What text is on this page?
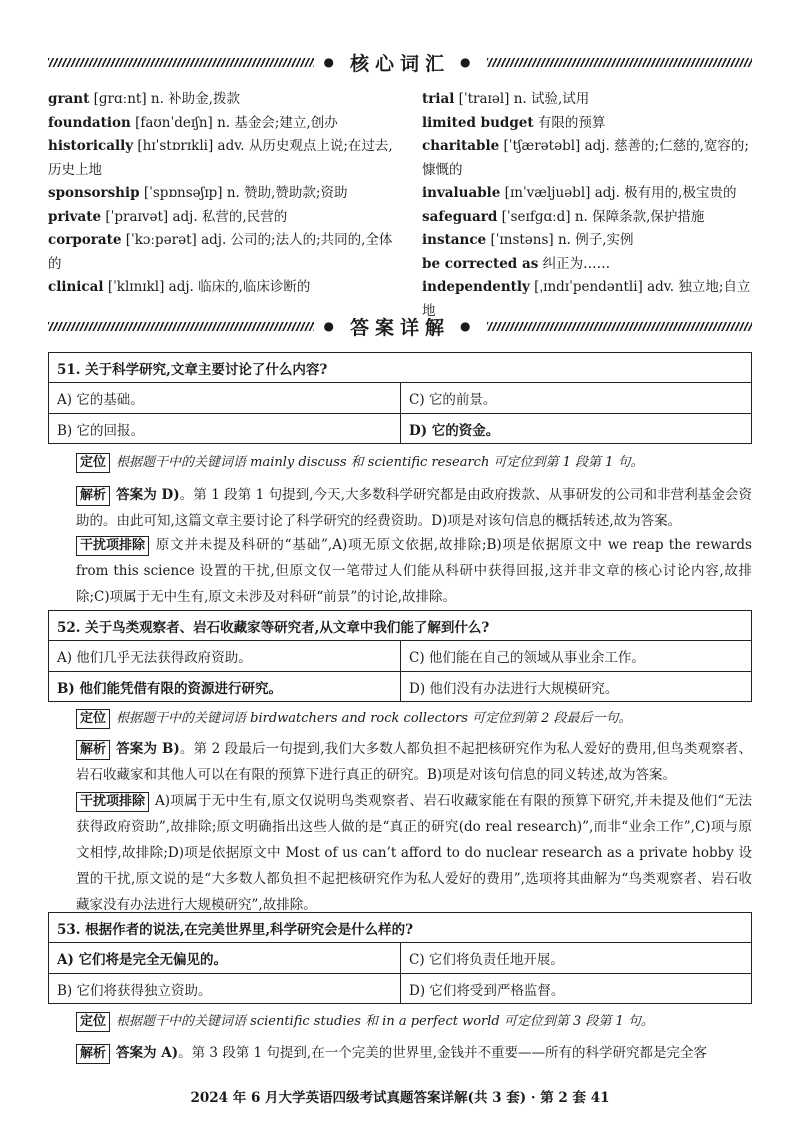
● 核心词汇 ●
grant [ɡrɑːnt] n. 补助金,拨款
foundation [faʊnˈdeɪʃn] n. 基金会;建立,创办
historically [hɪˈstɒrɪkli] adv. 从历史观点上说;在过去,历史上地
sponsorship [ˈspɒnsəʃɪp] n. 赞助,赞助款;资助
private [ˈpraɪvət] adj. 私营的,民营的
corporate [ˈkɔːpərət] adj. 公司的;法人的;共同的,全体的
clinical [ˈklɪnɪkl] adj. 临床的,临床诊断的
trial [ˈtraɪəl] n. 试验,试用
limited budget 有限的预算
charitable [ˈtʃærətəbl] adj. 慈善的;仁慈的,宽容的;慷慨的
invaluable [ɪnˈvæljuəbl] adj. 极有用的,极宝贵的
safeguard [ˈseɪfɡɑːd] n. 保障条款,保护措施
instance [ˈɪnstəns] n. 例子,实例
be corrected as 纠正为……
independently [ˌɪndɪˈpendəntli] adv. 独立地;自立地
● 答案详解 ●
51. 关于科学研究,文章主要讨论了什么内容?
A) 它的基础。	C) 它的前景。
B) 它的回报。	D) 它的资金。
定位 根据题干中的关键词语 mainly discuss 和 scientific research 可定位到第 1 段第 1 句。
解析 答案为 D)。第 1 段第 1 句提到,今天,大多数科学研究都是由政府拨款、从事研发的公司和非营利基金会资助的。由此可知,这篇文章主要讨论了科学研究的经费资助。D)项是对该句信息的概括转述,故为答案。
干扰项排除 原文并未提及科研的“基础”,A)项无原文依据,故排除;B)项是依据原文中 we reap the rewards from this science 设置的干扰,但原文仅一笔带过人们能从科研中获得回报,这并非文章的核心讨论内容,故排除;C)项属于无中生有,原文未涉及对科研“前景”的讨论,故排除。
52. 关于鸟类观察者、岩石收藏家等研究者,从文章中我们能了解到什么?
A) 他们几乎无法获得政府资助。	C) 他们能在自己的领域从事业余工作。
B) 他们能凭借有限的资源进行研究。	D) 他们没有办法进行大规模研究。
定位 根据题干中的关键词语 birdwatchers and rock collectors 可定位到第 2 段最后一句。
解析 答案为 B)。第 2 段最后一句提到,我们大多数人都负担不起把核研究作为私人爱好的费用,但鸟类观察者、岩石收藏家和其他人可以在有限的预算下进行真正的研究。B)项是对该句信息的同义转述,故为答案。
干扰项排除 A)项属于无中生有,原文仅说明鸟类观察者、岩石收藏家能在有限的预算下研究,并未提及他们“无法获得政府资助”,故排除;原文明确指出这些人做的是“真正的研究(do real research)”,而非“业余工作”,C)项与原文相悖,故排除;D)项是依据原文中 Most of us can’t afford to do nuclear research as a private hobby 设置的干扰,原文说的是“大多数人都负担不起把核研究作为私人爱好的费用”,选项将其曲解为“鸟类观察者、岩石收藏家没有办法进行大规模研究”,故排除。
53. 根据作者的说法,在完美世界里,科学研究会是什么样的?
A) 它们将是完全无偏见的。	C) 它们将负责任地开展。
B) 它们将获得独立资助。	D) 它们将受到严格监督。
定位 根据题干中的关键词语 scientific studies 和 in a perfect world 可定位到第 3 段第 1 句。
解析 答案为 A)。第 3 段第 1 句提到,在一个完美的世界里,金钱并不重要——所有的科学研究都是完全客
2024 年 6 月大学英语四级考试真题答案详解(共 3 套) · 第 2 套 41
